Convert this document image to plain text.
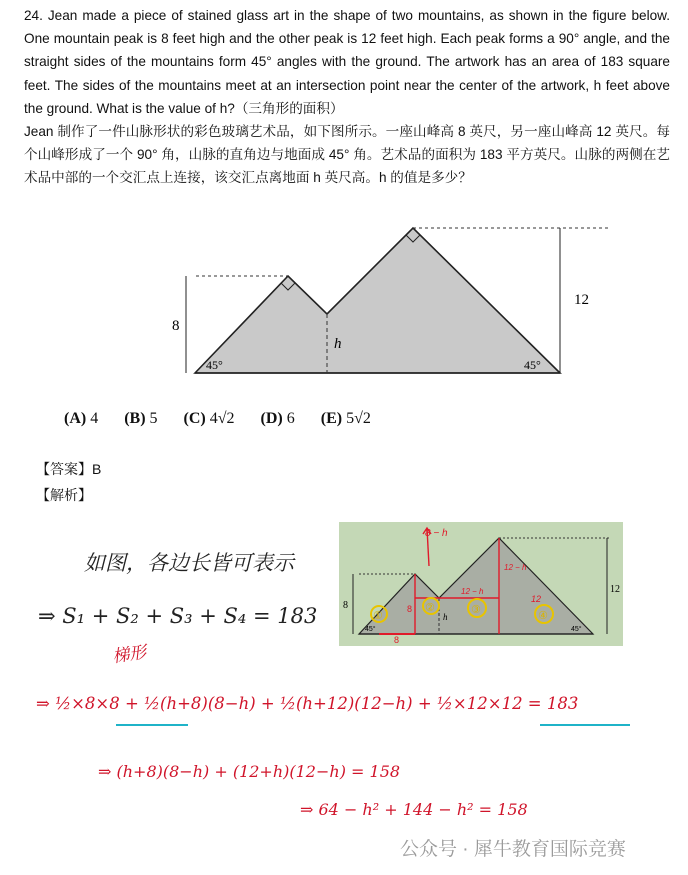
24. Jean made a piece of stained glass art in the shape of two mountains, as shown in the figure below. One mountain peak is 8 feet high and the other peak is 12 feet high. Each peak forms a 90° angle, and the straight sides of the mountains form 45° angles with the ground. The artwork has an area of 183 square feet. The sides of the mountains meet at an intersection point near the center of the artwork, h feet above the ground. What is the value of h?（三角形的面积）

Jean 制作了一件山脉形状的彩色玻璃艺术品，如下图所示。一座山峰高 8 英尺，另一座山峰高 12 英尺。每个山峰形成了一个 90° 角，山脉的直角边与地面成 45° 角。艺术品的面积为 183 平方英尺。山脉的两侧在艺术品中部的一个交汇点上连接，该交汇点离地面 h 英尺高。h 的值是多少？

8
12
h
45°	45°
(A) 4 (B) 5 (C) 4√2 (D) 6 (E) 5√2
【答案】B
【解析】
如图，各边长皆可表示
⇒ S₁ + S₂ + S₃ + S₄ = 183
梯形
⇒ ½×8×8 + ½(h+8)(8−h) + ½(h+12)(12−h) + ½×12×12 = 183
⇒ (h+8)(8−h) + (12+h)(12−h) = 158
⇒ 64 − h² + 144 − h² = 158
①
②	③	④
8 − h
12 − h
12 − h
12
8
12
h
8
8
45°	45°
公众号 · 犀牛教育国际竞赛
